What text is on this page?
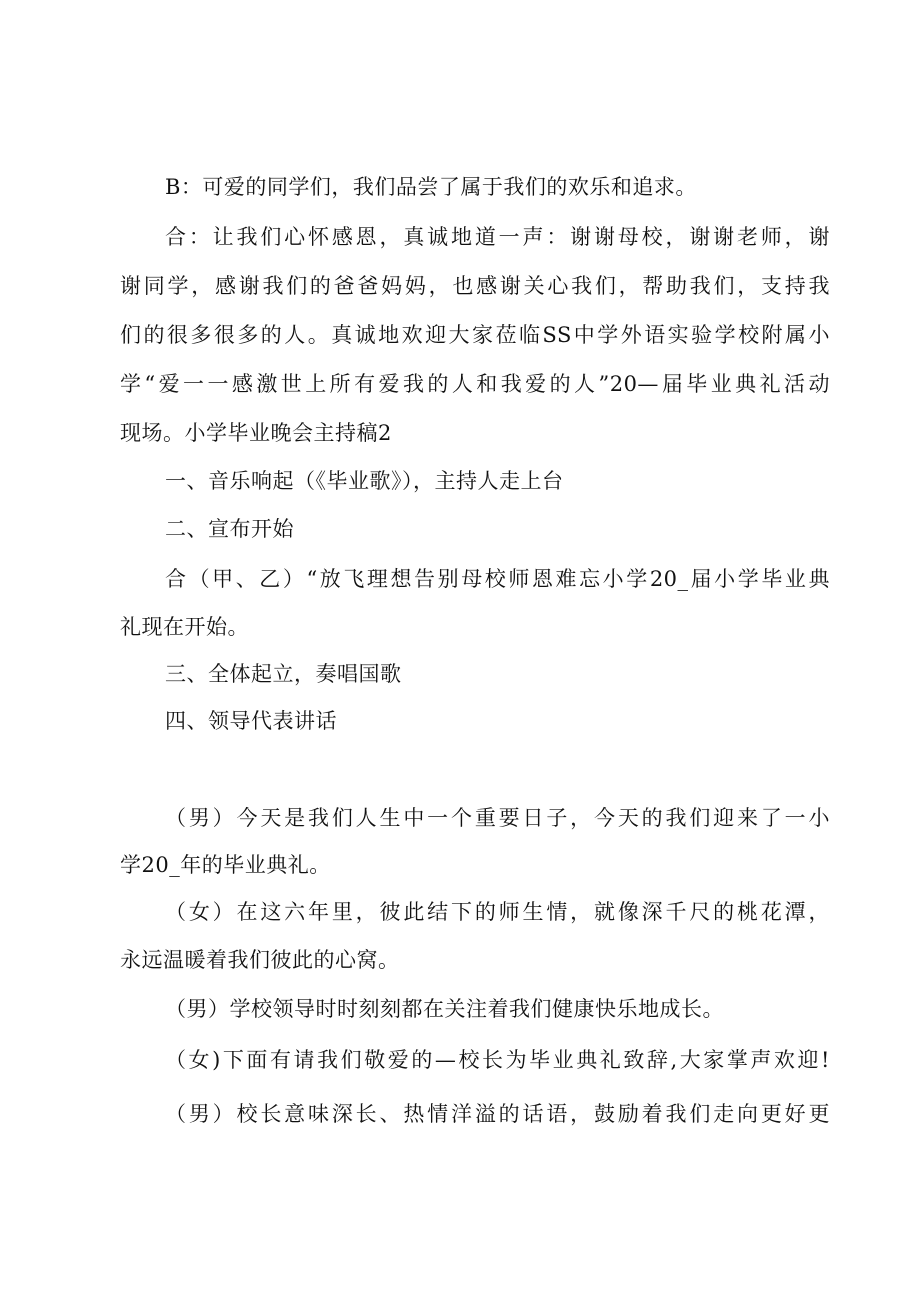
B：可爱的同学们，我们品尝了属于我们的欢乐和追求。
合：让我们心怀感恩，真诚地道一声：谢谢母校，谢谢老师，谢
谢同学，感谢我们的爸爸妈妈，也感谢关心我们，帮助我们，支持我
们的很多很多的人。真诚地欢迎大家莅临SS中学外语实验学校附属小
学“爱一一感激世上所有爱我的人和我爱的人”20—届毕业典礼活动
现场。小学毕业晚会主持稿2
一、音乐响起（《毕业歌》），主持人走上台
二、宣布开始
合（甲、乙）“放飞理想告别母校师恩难忘小学20_届小学毕业典
礼现在开始。
三、全体起立，奏唱国歌
四、领导代表讲话
（男）今天是我们人生中一个重要日子，今天的我们迎来了一小
学20_年的毕业典礼。
（女）在这六年里，彼此结下的师生情，就像深千尺的桃花潭，
永远温暖着我们彼此的心窝。
（男）学校领导时时刻刻都在关注着我们健康快乐地成长。
（女)下面有请我们敬爱的—校长为毕业典礼致辞,大家掌声欢迎!
（男）校长意味深长、热情洋溢的话语，鼓励着我们走向更好更
